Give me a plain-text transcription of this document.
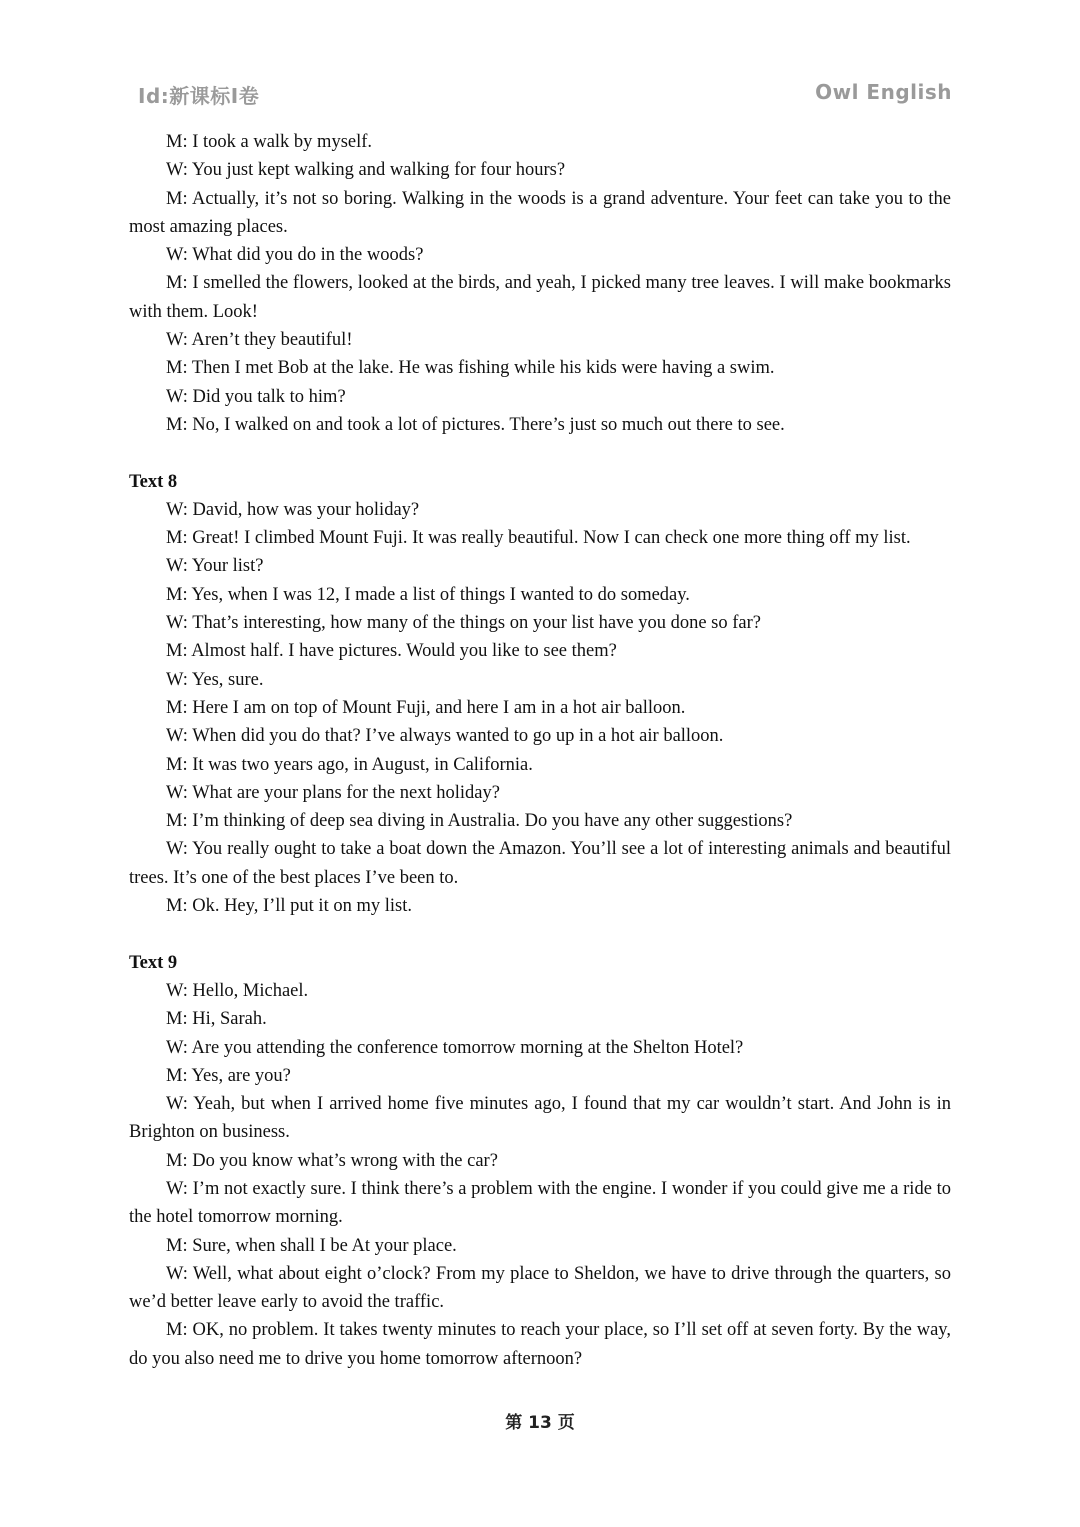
Id:新课标I卷	Owl English

M: I took a walk by myself.

W: You just kept walking and walking for four hours?

M: Actually, it’s not so boring. Walking in the woods is a grand adventure. Your feet can take you to the most amazing places.

W: What did you do in the woods?

M: I smelled the flowers, looked at the birds, and yeah, I picked many tree leaves. I will make bookmarks with them. Look!

W: Aren’t they beautiful!

M: Then I met Bob at the lake. He was fishing while his kids were having a swim.

W: Did you talk to him?

M: No, I walked on and took a lot of pictures. There’s just so much out there to see.

Text 8

W: David, how was your holiday?

M: Great! I climbed Mount Fuji. It was really beautiful. Now I can check one more thing off my list.

W: Your list?

M: Yes, when I was 12, I made a list of things I wanted to do someday.

W: That’s interesting, how many of the things on your list have you done so far?

M: Almost half. I have pictures. Would you like to see them?

W: Yes, sure.

M: Here I am on top of Mount Fuji, and here I am in a hot air balloon.

W: When did you do that? I’ve always wanted to go up in a hot air balloon.

M: It was two years ago, in August, in California.

W: What are your plans for the next holiday?

M: I’m thinking of deep sea diving in Australia. Do you have any other suggestions?

W: You really ought to take a boat down the Amazon. You’ll see a lot of interesting animals and beautiful trees. It’s one of the best places I’ve been to.

M: Ok. Hey, I’ll put it on my list.

Text 9

W: Hello, Michael.

M: Hi, Sarah.

W: Are you attending the conference tomorrow morning at the Shelton Hotel?

M: Yes, are you?

W: Yeah, but when I arrived home five minutes ago, I found that my car wouldn’t start. And John is in Brighton on business.

M: Do you know what’s wrong with the car?

W: I’m not exactly sure. I think there’s a problem with the engine. I wonder if you could give me a ride to the hotel tomorrow morning.

M: Sure, when shall I be At your place.

W: Well, what about eight o’clock? From my place to Sheldon, we have to drive through the quarters, so we’d better leave early to avoid the traffic.

M: OK, no problem. It takes twenty minutes to reach your place, so I’ll set off at seven forty. By the way, do you also need me to drive you home tomorrow afternoon?

第 13 页
